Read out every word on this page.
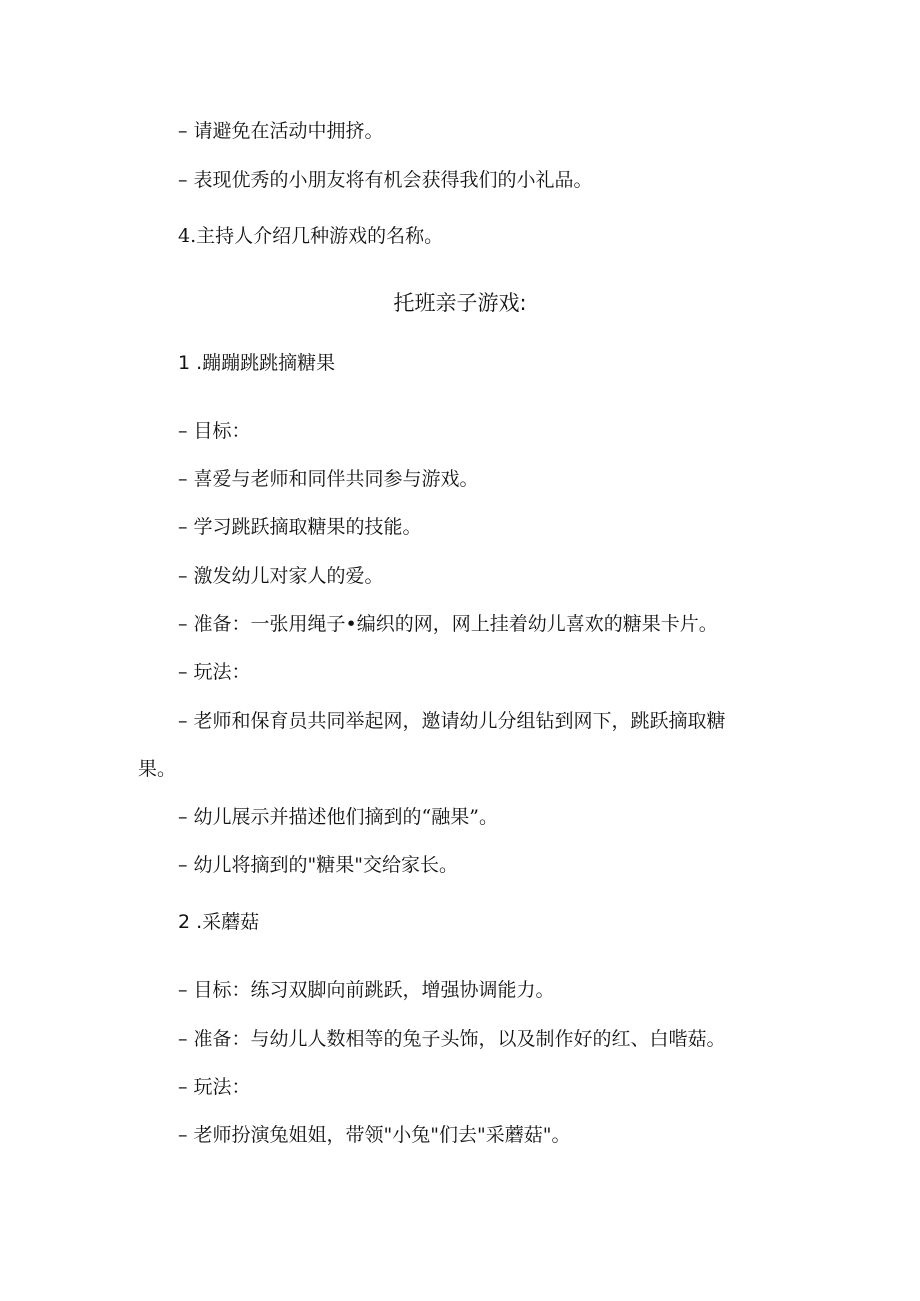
– 请避免在活动中拥挤。
– 表现优秀的小朋友将有机会获得我们的小礼品。
4.主持人介绍几种游戏的名称。
托班亲子游戏:
1 .蹦蹦跳跳摘糖果
– 目标：
– 喜爱与老师和同伴共同参与游戏。
– 学习跳跃摘取糖果的技能。
– 激发幼儿对家人的爱。
– 准备：一张用绳子•编织的网，网上挂着幼儿喜欢的糖果卡片。
– 玩法：
– 老师和保育员共同举起网，邀请幼儿分组钻到网下，跳跃摘取糖
果。
– 幼儿展示并描述他们摘到的“融果”。
– 幼儿将摘到的"糖果"交给家长。
2 .采蘑菇
– 目标：练习双脚向前跳跃，增强协调能力。
– 准备：与幼儿人数相等的兔子头饰，以及制作好的红、白喈菇。
– 玩法：
– 老师扮演兔姐姐，带领"小兔"们去"采蘑菇"。
